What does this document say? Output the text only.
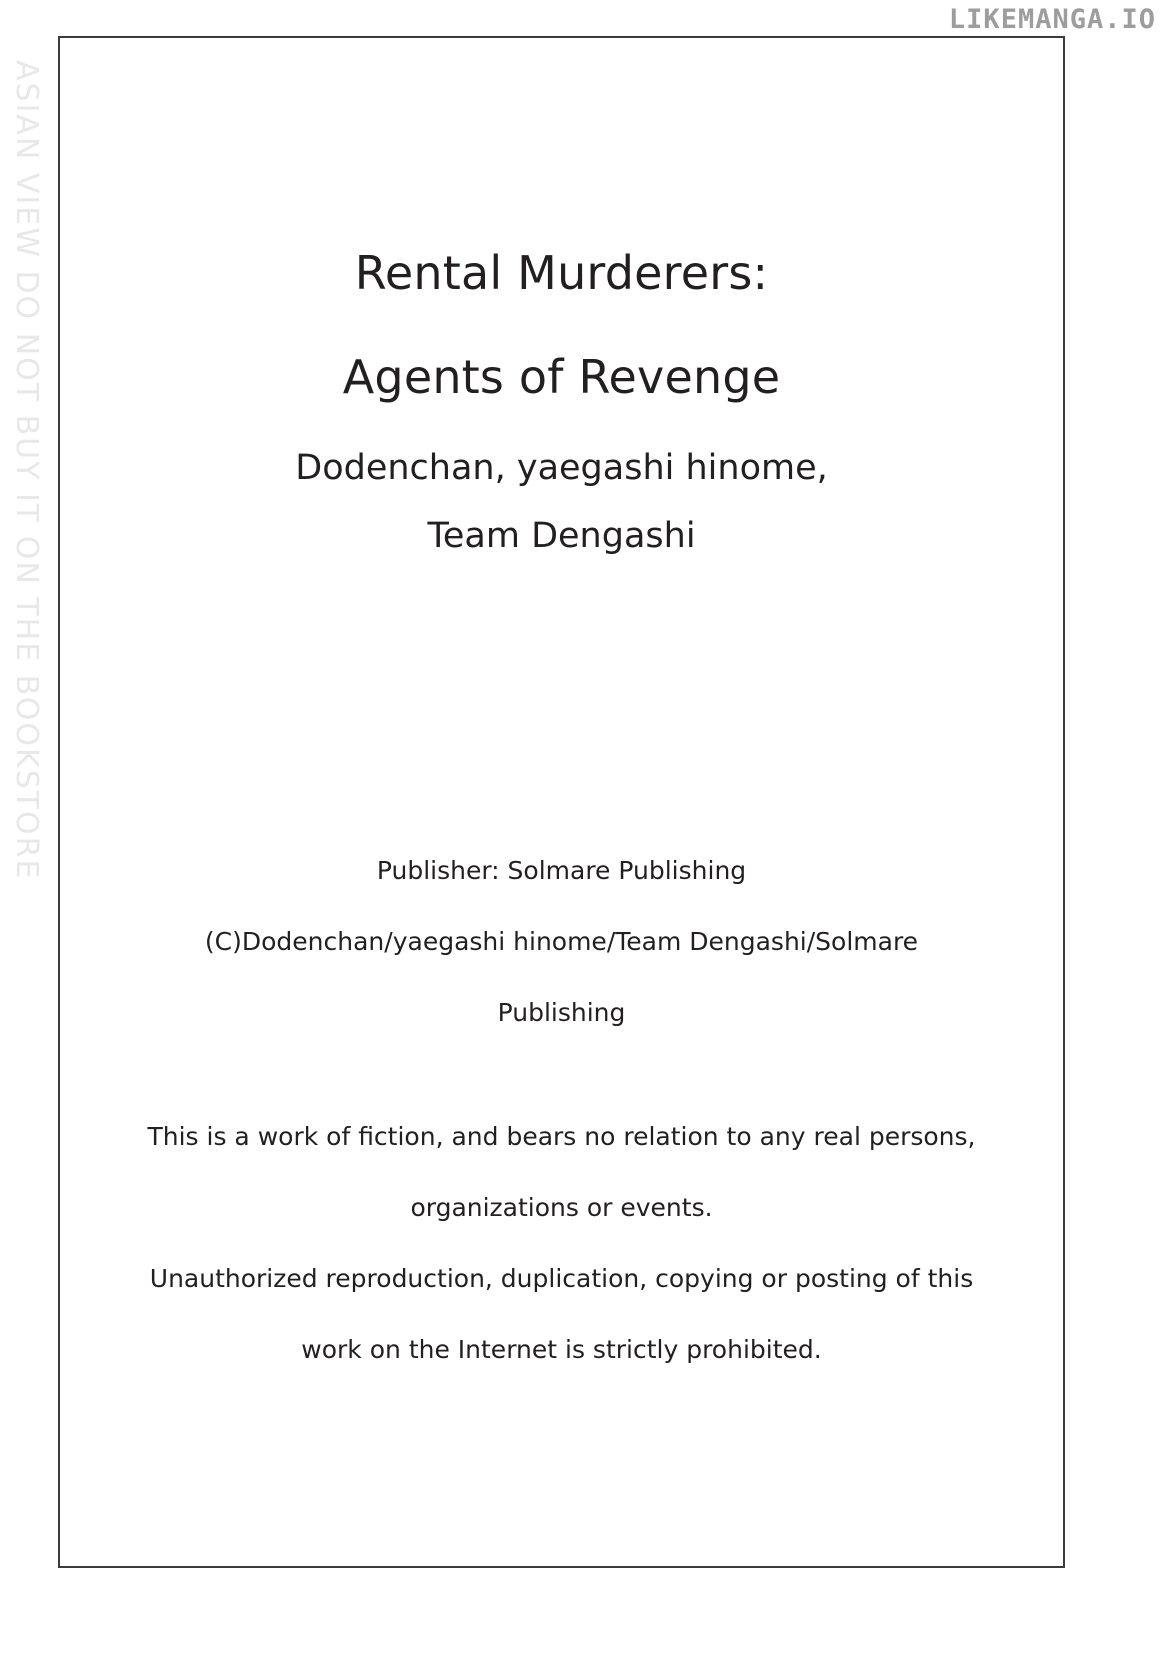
LIKEMANGA.IO
ASIAN VIEW DO NOT BUY IT ON THE BOOKSTORE	Rental Murderers:
Agents of Revenge
Dodenchan, yaegashi hinome,
Team Dengashi
Publisher: Solmare Publishing
(C)Dodenchan/yaegashi hinome/Team Dengashi/Solmare
Publishing
This is a work of fiction, and bears no relation to any real persons,
organizations or events.
Unauthorized reproduction, duplication, copying or posting of this
work on the Internet is strictly prohibited.
